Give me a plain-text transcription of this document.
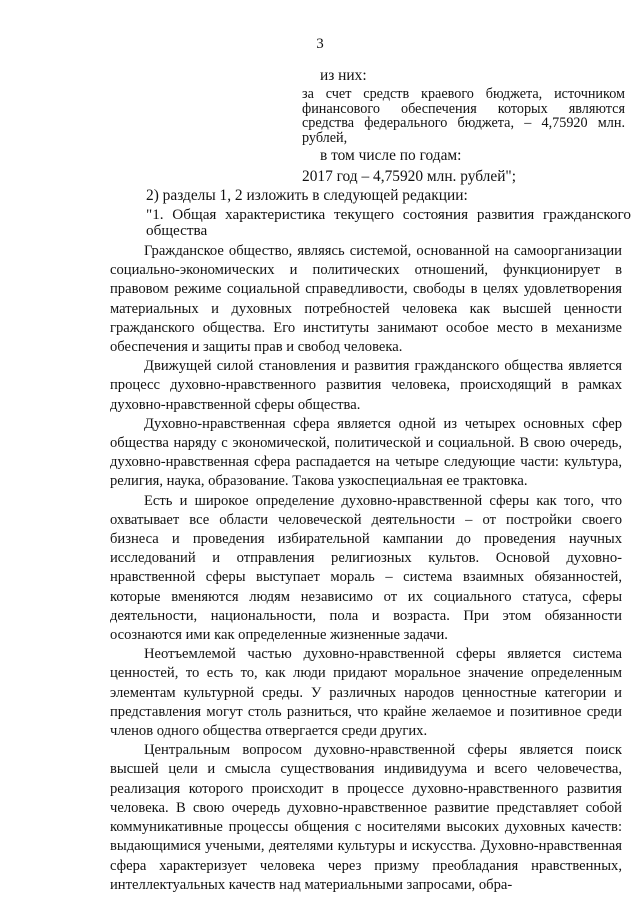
3

из них:

за счет средств краевого бюджета, источником финансового обеспечения которых являются средства федерального бюджета, – 4,75920 млн. рублей,

в том числе по годам:

2017 год – 4,75920 млн. рублей";

2) разделы 1, 2 изложить в следующей редакции:

"1. Общая характеристика текущего состояния развития гражданского общества

Гражданское общество, являясь системой, основанной на самоорганизации социально-экономических и политических отношений, функционирует в правовом режиме социальной справедливости, свободы в целях удовлетворения материальных и духовных потребностей человека как высшей ценности гражданского общества. Его институты занимают особое место в механизме обеспечения и защиты прав и свобод человека.

Движущей силой становления и развития гражданского общества является процесс духовно-нравственного развития человека, происходящий в рамках духовно-нравственной сферы общества.

Духовно-нравственная сфера является одной из четырех основных сфер общества наряду с экономической, политической и социальной. В свою очередь, духовно-нравственная сфера распадается на четыре следующие части: культура, религия, наука, образование. Такова узкоспециальная ее трактовка.

Есть и широкое определение духовно-нравственной сферы как того, что охватывает все области человеческой деятельности – от постройки своего бизнеса и проведения избирательной кампании до проведения научных исследований и отправления религиозных культов. Основой духовно-нравственной сферы выступает мораль – система взаимных обязанностей, которые вменяются людям независимо от их социального статуса, сферы деятельности, национальности, пола и возраста. При этом обязанности осознаются ими как определенные жизненные задачи.

Неотъемлемой частью духовно-нравственной сферы является система ценностей, то есть то, как люди придают моральное значение определенным элементам культурной среды. У различных народов ценностные категории и представления могут столь разниться, что крайне желаемое и позитивное среди членов одного общества отвергается среди других.

Центральным вопросом духовно-нравственной сферы является поиск высшей цели и смысла существования индивидуума и всего человечества, реализация которого происходит в процессе духовно-нравственного развития человека. В свою очередь духовно-нравственное развитие представляет собой коммуникативные процессы общения с носителями высоких духовных качеств: выдающимися учеными, деятелями культуры и искусства. Духовно-нравственная сфера характеризует человека через призму преобладания нравственных, интеллектуальных качеств над материальными запросами, обра-
